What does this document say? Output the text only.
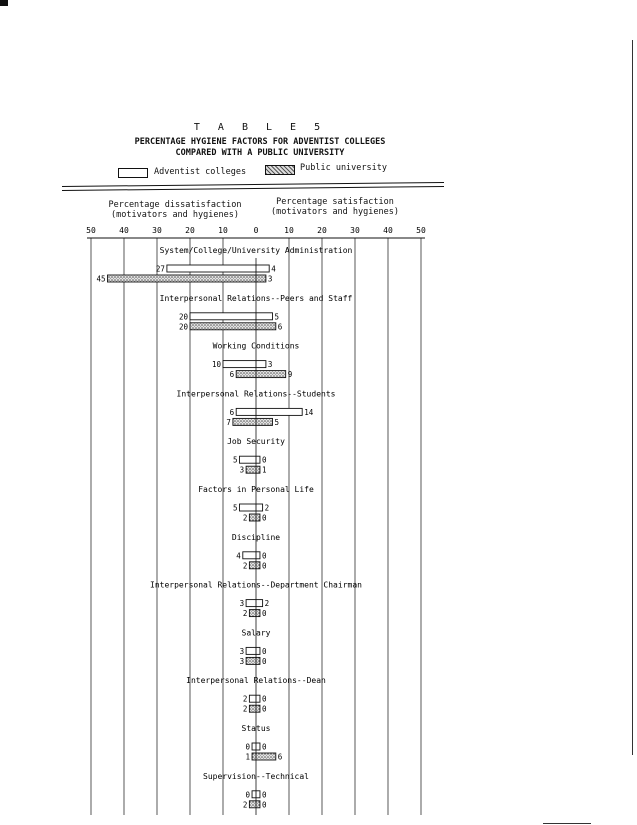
T A B L E 5
PERCENTAGE HYGIENE FACTORS FOR ADVENTIST COLLEGES
COMPARED WITH A PUBLIC UNIVERSITY
Adventist colleges	Public university
Percentage dissatisfaction
(motivators and hygienes)
Percentage satisfaction
(motivators and hygienes)
50	40	30	20	10	0	10	20	30	40	50
System/College/University Administration
27	4
45	3
Interpersonal Relations--Peers and Staff
20	5
20	6
Working Conditions
10	3
6	9
Interpersonal Relations--Students
6	14
7	5
Job Security
5	0
3 1
Factors in Personal Life
5	2
2 0
Discipline
4	0
2 0
Interpersonal Relations--Department Chairman
3	2
2 0
Salary
3 0
3 0
Interpersonal Relations--Dean
2 0
2 0
Status
0 0
1	6
Supervision--Technical
0 0
2 0
